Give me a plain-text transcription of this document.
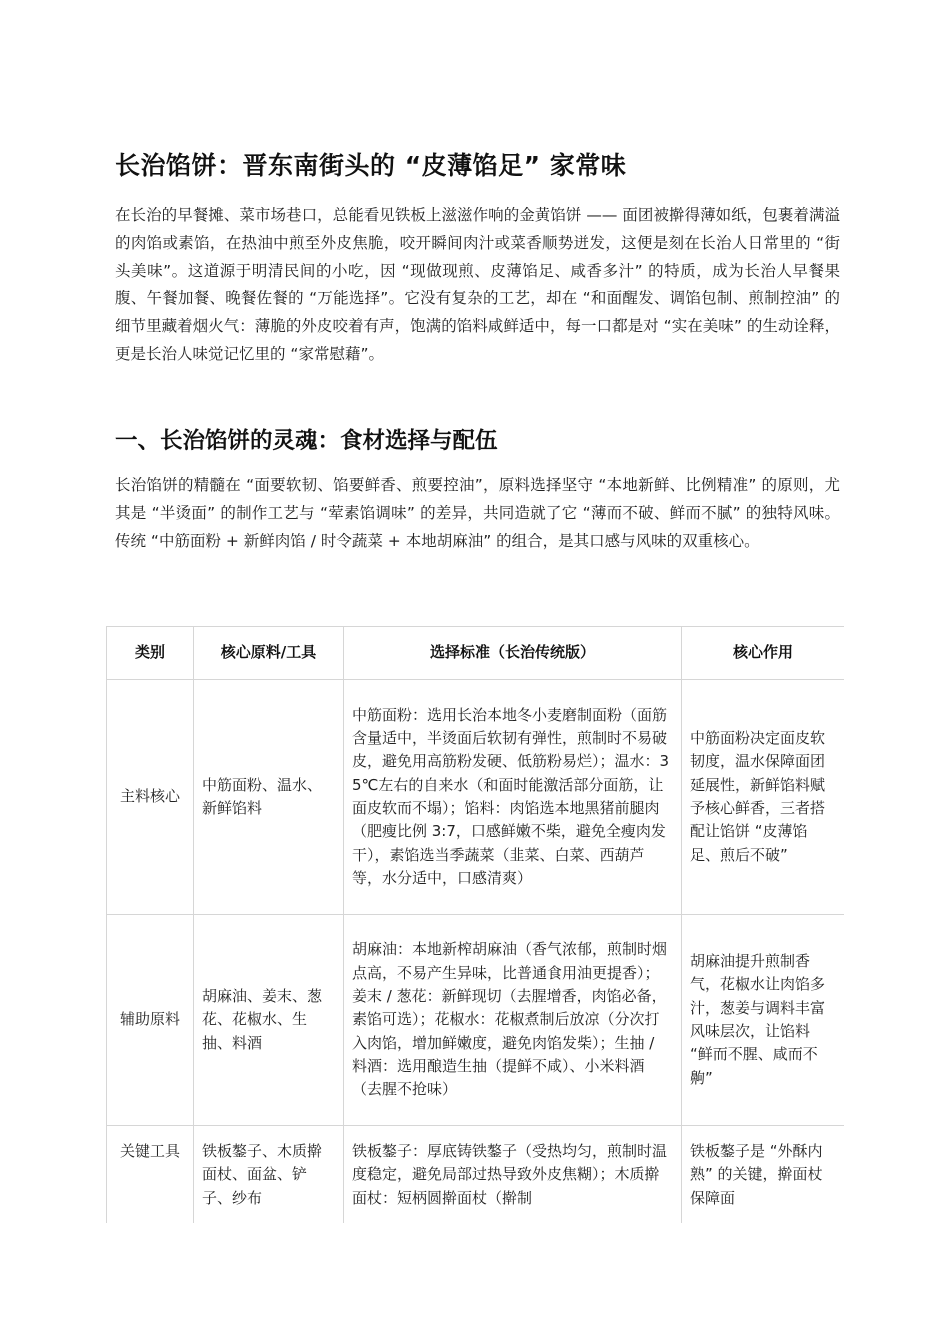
长治馅饼：晋东南街头的 “皮薄馅足” 家常味

在长治的早餐摊、菜市场巷口，总能看见铁板上滋滋作响的金黄馅饼 —— 面团被擀得薄如纸，包裹着满溢的肉馅或素馅，在热油中煎至外皮焦脆，咬开瞬间肉汁或菜香顺势迸发，这便是刻在长治人日常里的 “街头美味”。这道源于明清民间的小吃，因 “现做现煎、皮薄馅足、咸香多汁” 的特质，成为长治人早餐果腹、午餐加餐、晚餐佐餐的 “万能选择”。它没有复杂的工艺，却在 “和面醒发、调馅包制、煎制控油” 的细节里藏着烟火气：薄脆的外皮咬着有声，饱满的馅料咸鲜适中，每一口都是对 “实在美味” 的生动诠释，更是长治人味觉记忆里的 “家常慰藉”。

一、长治馅饼的灵魂：食材选择与配伍

长治馅饼的精髓在 “面要软韧、馅要鲜香、煎要控油”，原料选择坚守 “本地新鲜、比例精准” 的原则，尤其是 “半烫面” 的制作工艺与 “荤素馅调味” 的差异，共同造就了它 “薄而不破、鲜而不腻” 的独特风味。传统 “中筋面粉 + 新鲜肉馅 / 时令蔬菜 + 本地胡麻油” 的组合，是其口感与风味的双重核心。

类别	核心原料/工具	选择标准（长治传统版）	核心作用
主料核心	中筋面粉、温水、新鲜馅料	中筋面粉：选用长治本地冬小麦磨制面粉（面筋含量适中，半烫面后软韧有弹性，煎制时不易破皮，避免用高筋粉发硬、低筋粉易烂）；温水：35℃左右的自来水（和面时能激活部分面筋，让面皮软而不塌）；馅料：肉馅选本地黑猪前腿肉（肥瘦比例 3:7，口感鲜嫩不柴，避免全瘦肉发干），素馅选当季蔬菜（韭菜、白菜、西葫芦等，水分适中，口感清爽）	中筋面粉决定面皮软韧度，温水保障面团延展性，新鲜馅料赋予核心鲜香，三者搭配让馅饼 “皮薄馅足、煎后不破”
辅助原料	胡麻油、姜末、葱花、花椒水、生抽、料酒	胡麻油：本地新榨胡麻油（香气浓郁，煎制时烟点高，不易产生异味，比普通食用油更提香）；姜末 / 葱花：新鲜现切（去腥增香，肉馅必备，素馅可选）；花椒水：花椒煮制后放凉（分次打入肉馅，增加鲜嫩度，避免肉馅发柴）；生抽 / 料酒：选用酿造生抽（提鲜不咸）、小米料酒（去腥不抢味）	胡麻油提升煎制香气，花椒水让肉馅多汁，葱姜与调料丰富风味层次，让馅料 “鲜而不腥、咸而不齁”
关键工具	铁板鏊子、木质擀面杖、面盆、铲子、纱布	铁板鏊子：厚底铸铁鏊子（受热均匀，煎制时温度稳定，避免局部过热导致外皮焦糊）；木质擀面杖：短柄圆擀面杖（擀制	铁板鏊子是 “外酥内熟” 的关键，擀面杖保障面
